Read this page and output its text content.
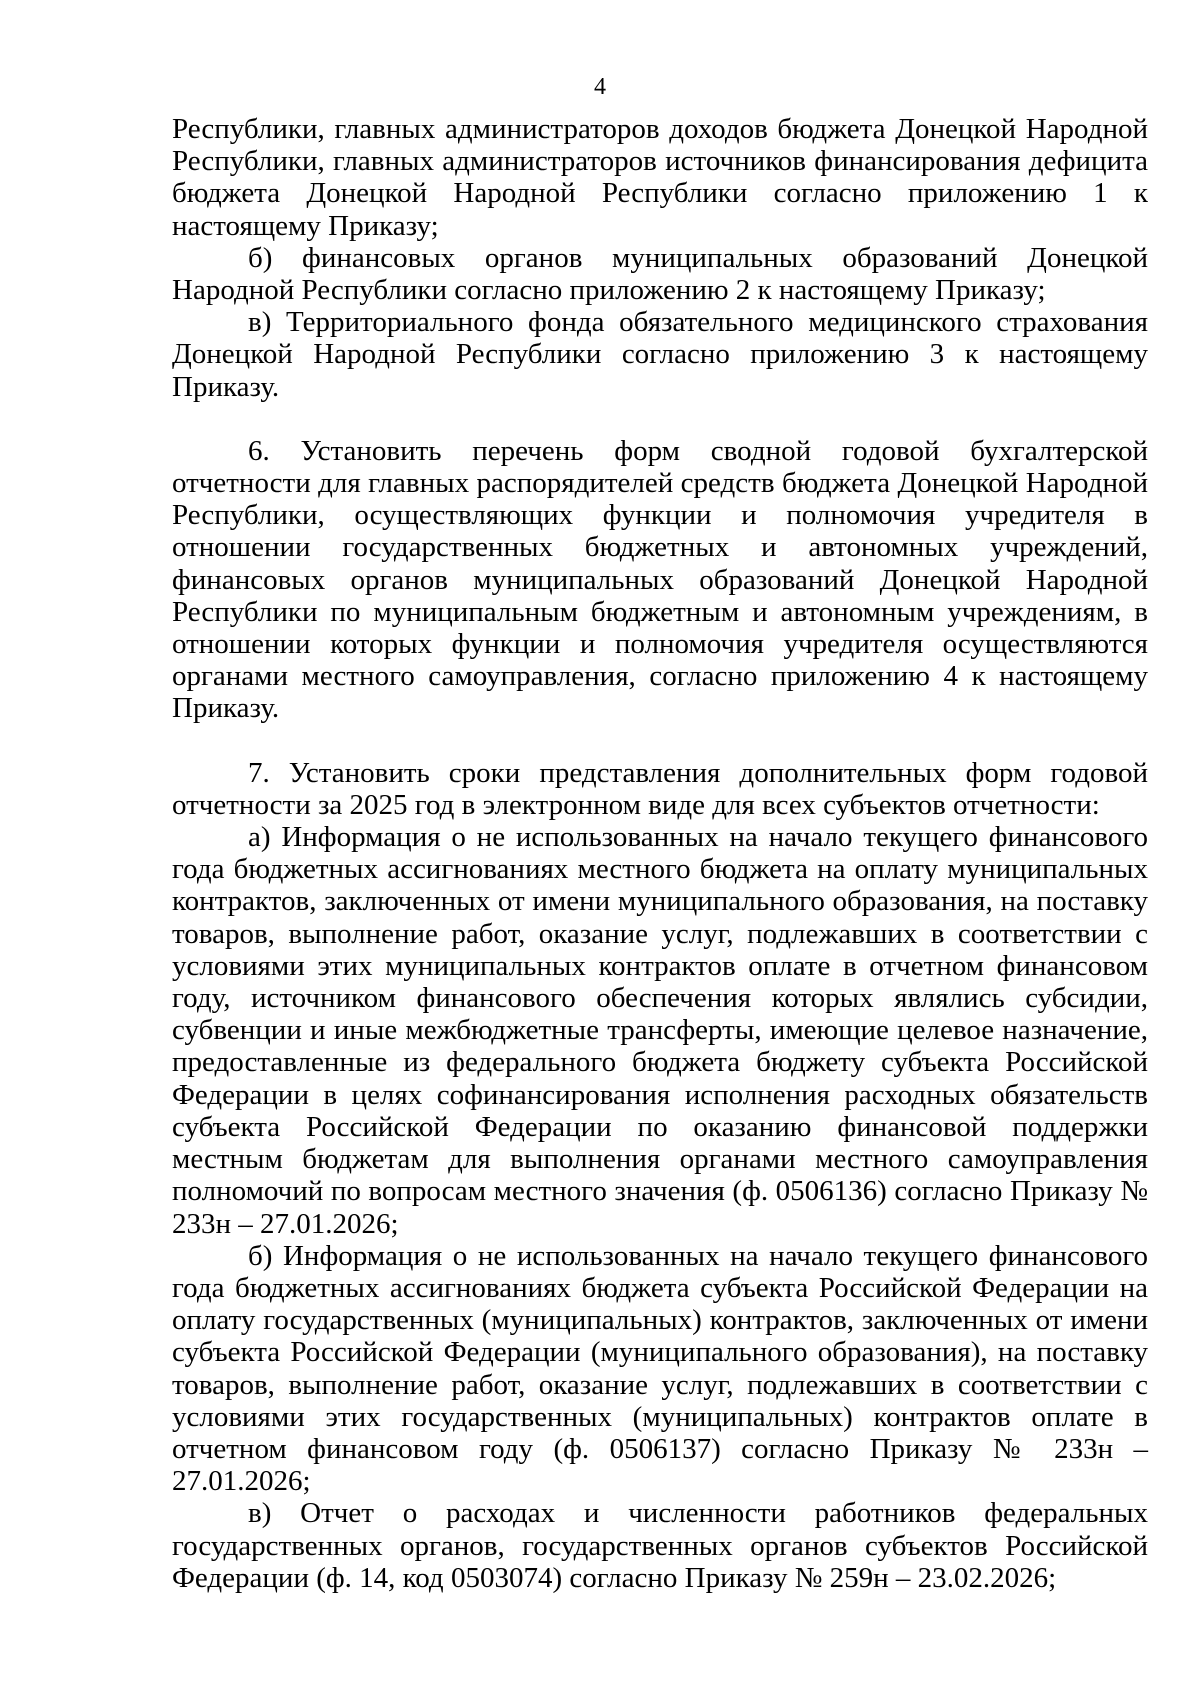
4

Республики, главных администраторов доходов бюджета Донецкой Народной Республики, главных администраторов источников финансирования дефицита бюджета Донецкой Народной Республики согласно приложению 1 к настоящему Приказу;

б) финансовых органов муниципальных образований Донецкой Народной Республики согласно приложению 2 к настоящему Приказу;

в) Территориального фонда обязательного медицинского страхования Донецкой Народной Республики согласно приложению 3 к настоящему Приказу.

6. Установить перечень форм сводной годовой бухгалтерской отчетности для главных распорядителей средств бюджета Донецкой Народной Республики, осуществляющих функции и полномочия учредителя в отношении государственных бюджетных и автономных учреждений, финансовых органов муниципальных образований Донецкой Народной Республики по муниципальным бюджетным и автономным учреждениям, в отношении которых функции и полномочия учредителя осуществляются органами местного самоуправления, согласно приложению 4 к настоящему Приказу.

7. Установить сроки представления дополнительных форм годовой отчетности за 2025 год в электронном виде для всех субъектов отчетности:

а) Информация о не использованных на начало текущего финансового года бюджетных ассигнованиях местного бюджета на оплату муниципальных контрактов, заключенных от имени муниципального образования, на поставку товаров, выполнение работ, оказание услуг, подлежавших в соответствии с условиями этих муниципальных контрактов оплате в отчетном финансовом году, источником финансового обеспечения которых являлись субсидии, субвенции и иные межбюджетные трансферты, имеющие целевое назначение, предоставленные из федерального бюджета бюджету субъекта Российской Федерации в целях софинансирования исполнения расходных обязательств субъекта Российской Федерации по оказанию финансовой поддержки местным бюджетам для выполнения органами местного самоуправления полномочий по вопросам местного значения (ф. 0506136) согласно Приказу № 233н – 27.01.2026;

б) Информация о не использованных на начало текущего финансового года бюджетных ассигнованиях бюджета субъекта Российской Федерации на оплату государственных (муниципальных) контрактов, заключенных от имени субъекта Российской Федерации (муниципального образования), на поставку товаров, выполнение работ, оказание услуг, подлежавших в соответствии с условиями этих государственных (муниципальных) контрактов оплате в отчетном финансовом году (ф. 0506137) согласно Приказу № 233н – 27.01.2026;

в) Отчет о расходах и численности работников федеральных государственных органов, государственных органов субъектов Российской Федерации (ф. 14, код 0503074) согласно Приказу № 259н – 23.02.2026;
